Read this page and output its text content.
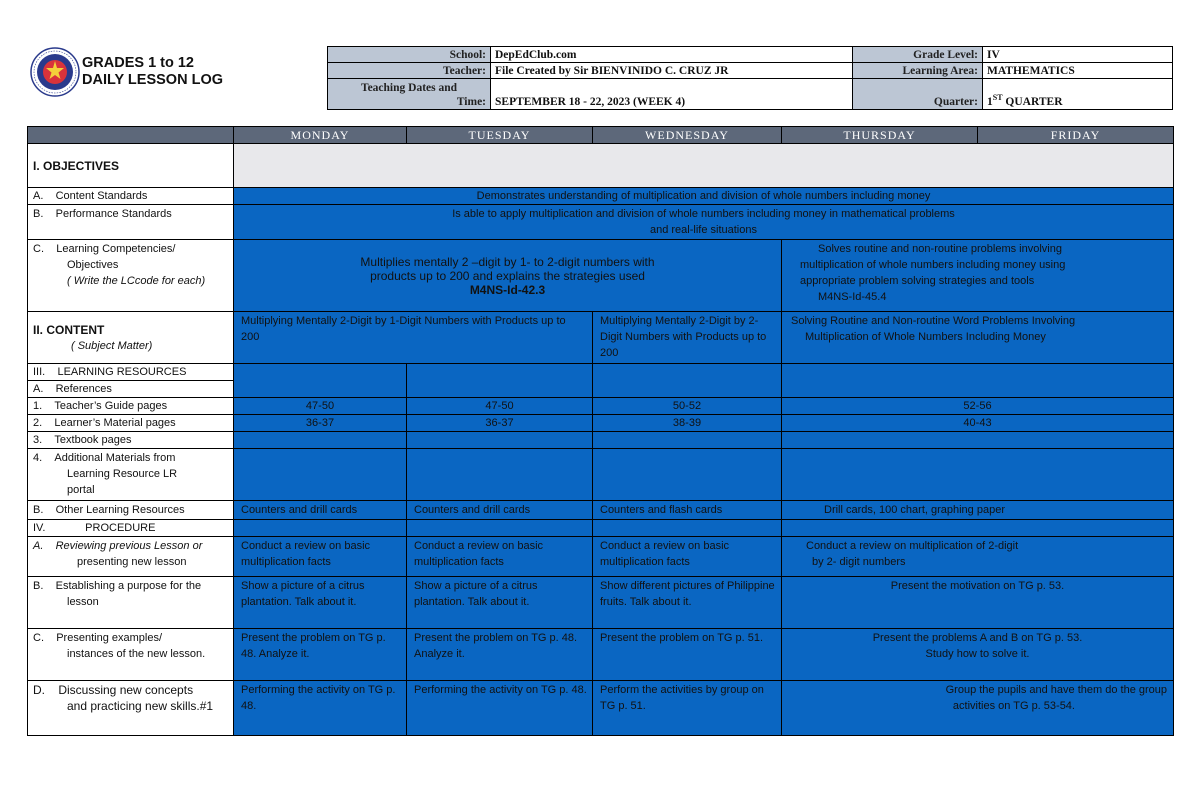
GRADES 1 to 12
DAILY LESSON LOG
School:	DepEdClub.com	Grade Level:	IV
Teacher:	File Created by Sir BIENVINIDO C. CRUZ JR	Learning Area:	MATHEMATICS

Teaching Dates and
Time:	SEPTEMBER 18 - 22, 2023 (WEEK 4)	Quarter:	1ST QUARTER
	MONDAY	TUESDAY	WEDNESDAY	THURSDAY	FRIDAY
I. OBJECTIVES					
A.    Content Standards	Demonstrates understanding of multiplication and division of whole numbers including money				
B.    Performance Standards	Is able to apply multiplication and division of whole numbers including money in mathematical problems
and real-life situations				

C.    Learning Competencies/
Objectives
( Write the LCcode for each)	Multiplies mentally 2 –digit by 1- to 2-digit numbers with
products up to 200 and explains the strategies used
M4NS-Id-42.3			Solves routine and non-routine problems involving
multiplication of whole numbers including money using
appropriate problem solving strategies and tools
M4NS-Id-45.4	

II. CONTENT
( Subject Matter)	Multiplying Mentally 2-Digit by 1-Digit Numbers with Products up to 200		Multiplying Mentally 2-Digit by 2-Digit Numbers with Products up to 200	Solving Routine and Non-routine Word Problems Involving
Multiplication of Whole Numbers Including Money	

III.    LEARNING RESOURCES					
A.    References					
1.    Teacher’s Guide pages	47-50	47-50	50-52	52-56	
2.    Learner’s Material pages	36-37	36-37	38-39	40-43	
3.    Textbook pages					

4.    Additional Materials from
Learning Resource LR
portal					

B.    Other Learning Resources	Counters and drill cards	Counters and drill cards	Counters and flash cards	Drill cards, 100 chart, graphing paper	
IV.             PROCEDURE					

A.    Reviewing previous Lesson or
presenting new lesson	Conduct a review on basic multiplication facts	Conduct a review on basic multiplication facts	Conduct a review on basic multiplication facts	Conduct a review on multiplication of 2-digit
by 2- digit numbers	

B.    Establishing a purpose for the
lesson	Show a picture of a citrus plantation. Talk about it.	Show a picture of a citrus plantation. Talk about it.	Show different pictures of Philippine fruits. Talk about it.	Present the motivation on TG p. 53.	

C.    Presenting examples/
instances of the new lesson.	Present the problem on TG p. 48. Analyze it.	Present the problem on TG p. 48. Analyze it.	Present the problem on TG p. 51.	Present the problems A and B on TG p. 53.
Study how to solve it.	

D.    Discussing new concepts
and practicing new skills.#1	Performing the activity on TG p. 48.	Performing the activity on TG p. 48.	Perform the activities by group on TG p. 51.	Group the pupils and have them do the group
activities on TG p. 53-54.	
